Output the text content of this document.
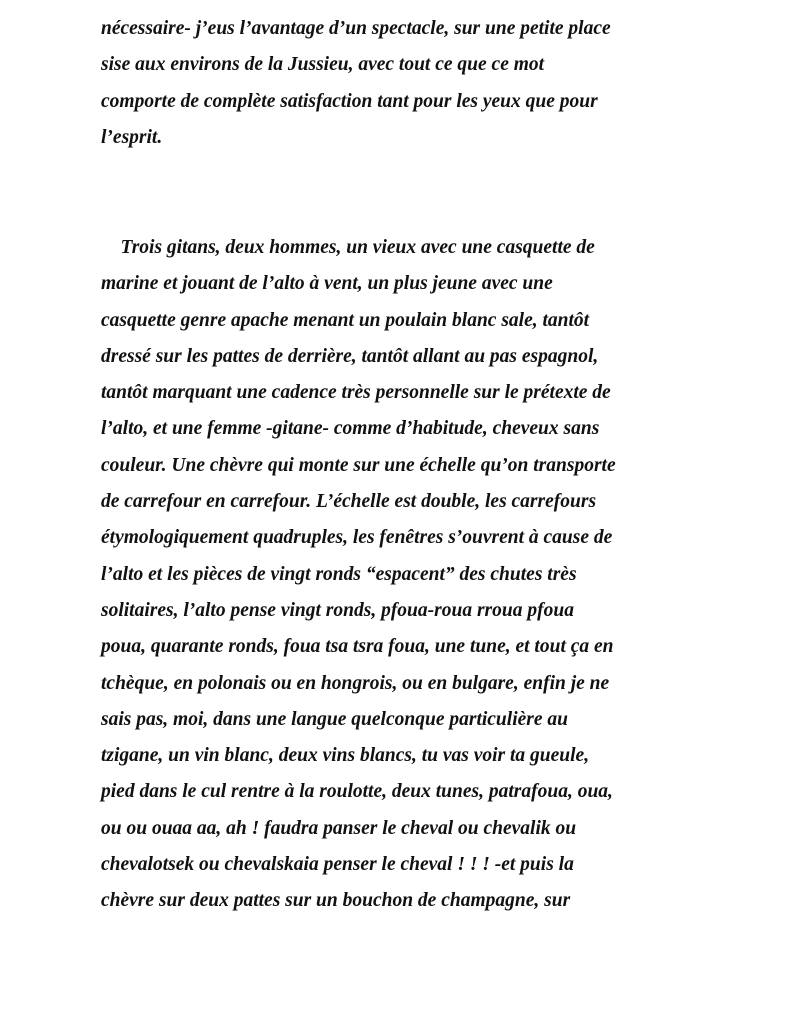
nécessaire- j’eus l’avantage d’un spectacle, sur une petite place
sise aux environs de la Jussieu, avec tout ce que ce mot
comporte de complète satisfaction tant pour les yeux que pour
l’esprit.
Trois gitans, deux hommes, un vieux avec une casquette de
marine et jouant de l’alto à vent, un plus jeune avec une
casquette genre apache menant un poulain blanc sale, tantôt
dressé sur les pattes de derrière, tantôt allant au pas espagnol,
tantôt marquant une cadence très personnelle sur le prétexte de
l’alto, et une femme -gitane- comme d’habitude, cheveux sans
couleur. Une chèvre qui monte sur une échelle qu’on transporte
de carrefour en carrefour. L’échelle est double, les carrefours
étymologiquement quadruples, les fenêtres s’ouvrent à cause de
l’alto et les pièces de vingt ronds “espacent” des chutes très
solitaires, l’alto pense vingt ronds, pfoua-roua rroua pfoua
poua, quarante ronds, foua tsa tsra foua, une tune, et tout ça en
tchèque, en polonais ou en hongrois, ou en bulgare, enfin je ne
sais pas, moi, dans une langue quelconque particulière au
tzigane, un vin blanc, deux vins blancs, tu vas voir ta gueule,
pied dans le cul rentre à la roulotte, deux tunes, patrafoua, oua,
ou ou ouaa aa, ah ! faudra panser le cheval ou chevalik ou
chevalotsek ou chevalskaia penser le cheval ! ! ! -et puis la
chèvre sur deux pattes sur un bouchon de champagne, sur
